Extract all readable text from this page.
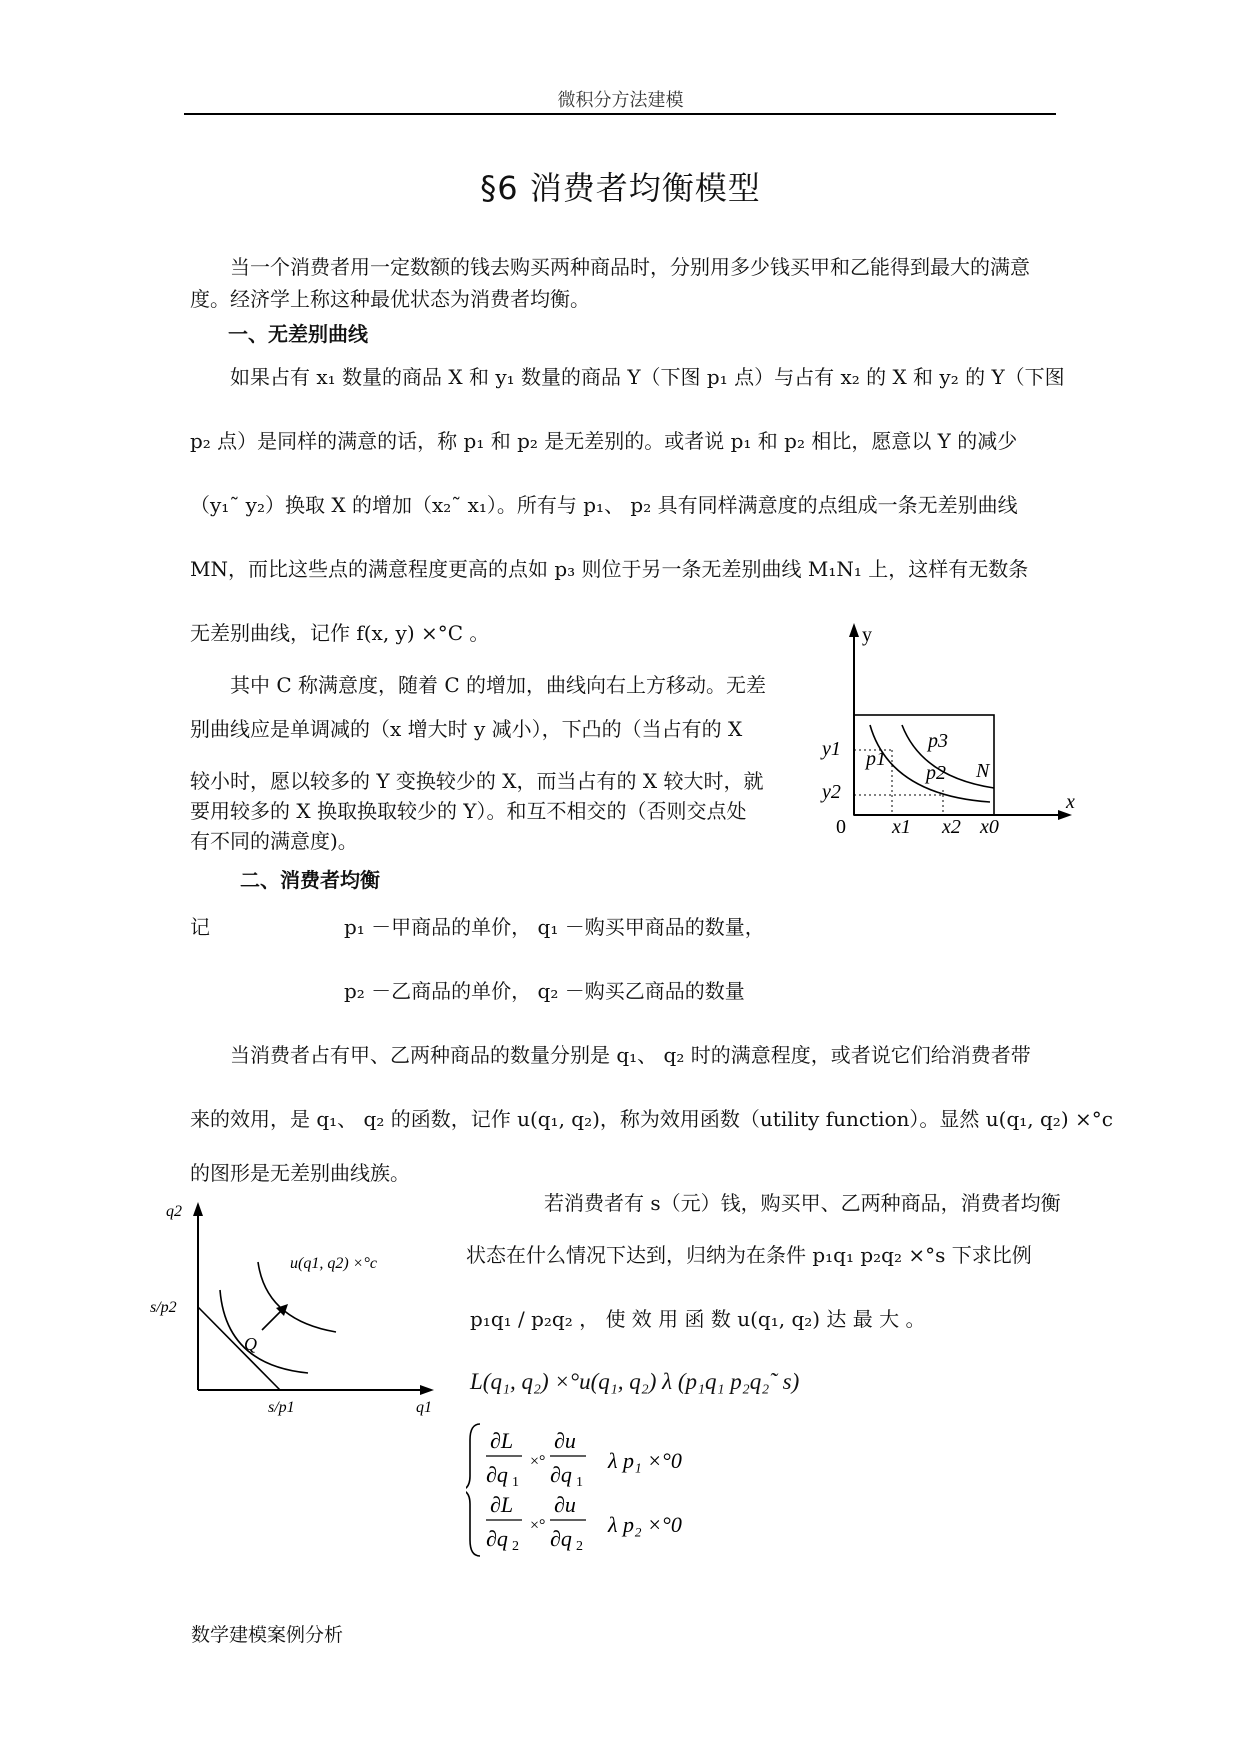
微积分方法建模
§6 消费者均衡模型
当一个消费者用一定数额的钱去购买两种商品时，分别用多少钱买甲和乙能得到最大的满意
度。经济学上称这种最优状态为消费者均衡。
一、无差别曲线
如果占有 x₁ 数量的商品 X 和 y₁ 数量的商品 Y（下图 p₁ 点）与占有 x₂ 的 X 和 y₂ 的 Y（下图
p₂ 点）是同样的满意的话，称 p₁ 和 p₂ 是无差别的。或者说 p₁ 和 p₂ 相比，愿意以 Y 的减少
（y₁˜ y₂）换取 X 的增加（x₂˜ x₁）。所有与 p₁、 p₂ 具有同样满意度的点组成一条无差别曲线
MN，而比这些点的满意程度更高的点如 p₃ 则位于另一条无差别曲线 M₁N₁ 上，这样有无数条
无差别曲线，记作 f(x, y) ×°C 。
其中 C 称满意度，随着 C 的增加，曲线向右上方移动。无差
别曲线应是单调减的（x 增大时 y 减小），下凸的（当占有的 X
较小时，愿以较多的 Y 变换较少的 X，而当占有的 X 较大时，就
要用较多的 X 换取换取较少的 Y）。和互不相交的（否则交点处
有不同的满意度)。
y
x
0
y1
y2
x1 x2 x0
p1
p2
p3
N
二、消费者均衡
记	p₁ －甲商品的单价， q₁ －购买甲商品的数量，
p₂ －乙商品的单价， q₂ －购买乙商品的数量
当消费者占有甲、乙两种商品的数量分别是 q₁、 q₂ 时的满意程度，或者说它们给消费者带
来的效用，是 q₁、 q₂ 的函数，记作 u(q₁, q₂)，称为效用函数（utility function）。显然 u(q₁, q₂) ×°c
的图形是无差别曲线族。
若消费者有 s（元）钱，购买甲、乙两种商品，消费者均衡
状态在什么情况下达到，归纳为在条件 p₁q₁ p₂q₂ ×°s 下求比例
p₁q₁ / p₂q₂ ， 使 效 用 函 数 u(q₁, q₂) 达 最 大 。
L(q₁, q₂) ×°u(q₁, q₂) λ (p₁q₁ p₂q₂˜ s)
∂L
∂q 1
×°
∂u
∂q 1
∂L
∂q 2
×°
∂u
∂q 2
λ p₁ ×°0
λ p₂ ×°0
q2
q1
s/p2
s/p1
Q
u(q1, q2) ×°c
数学建模案例分析
